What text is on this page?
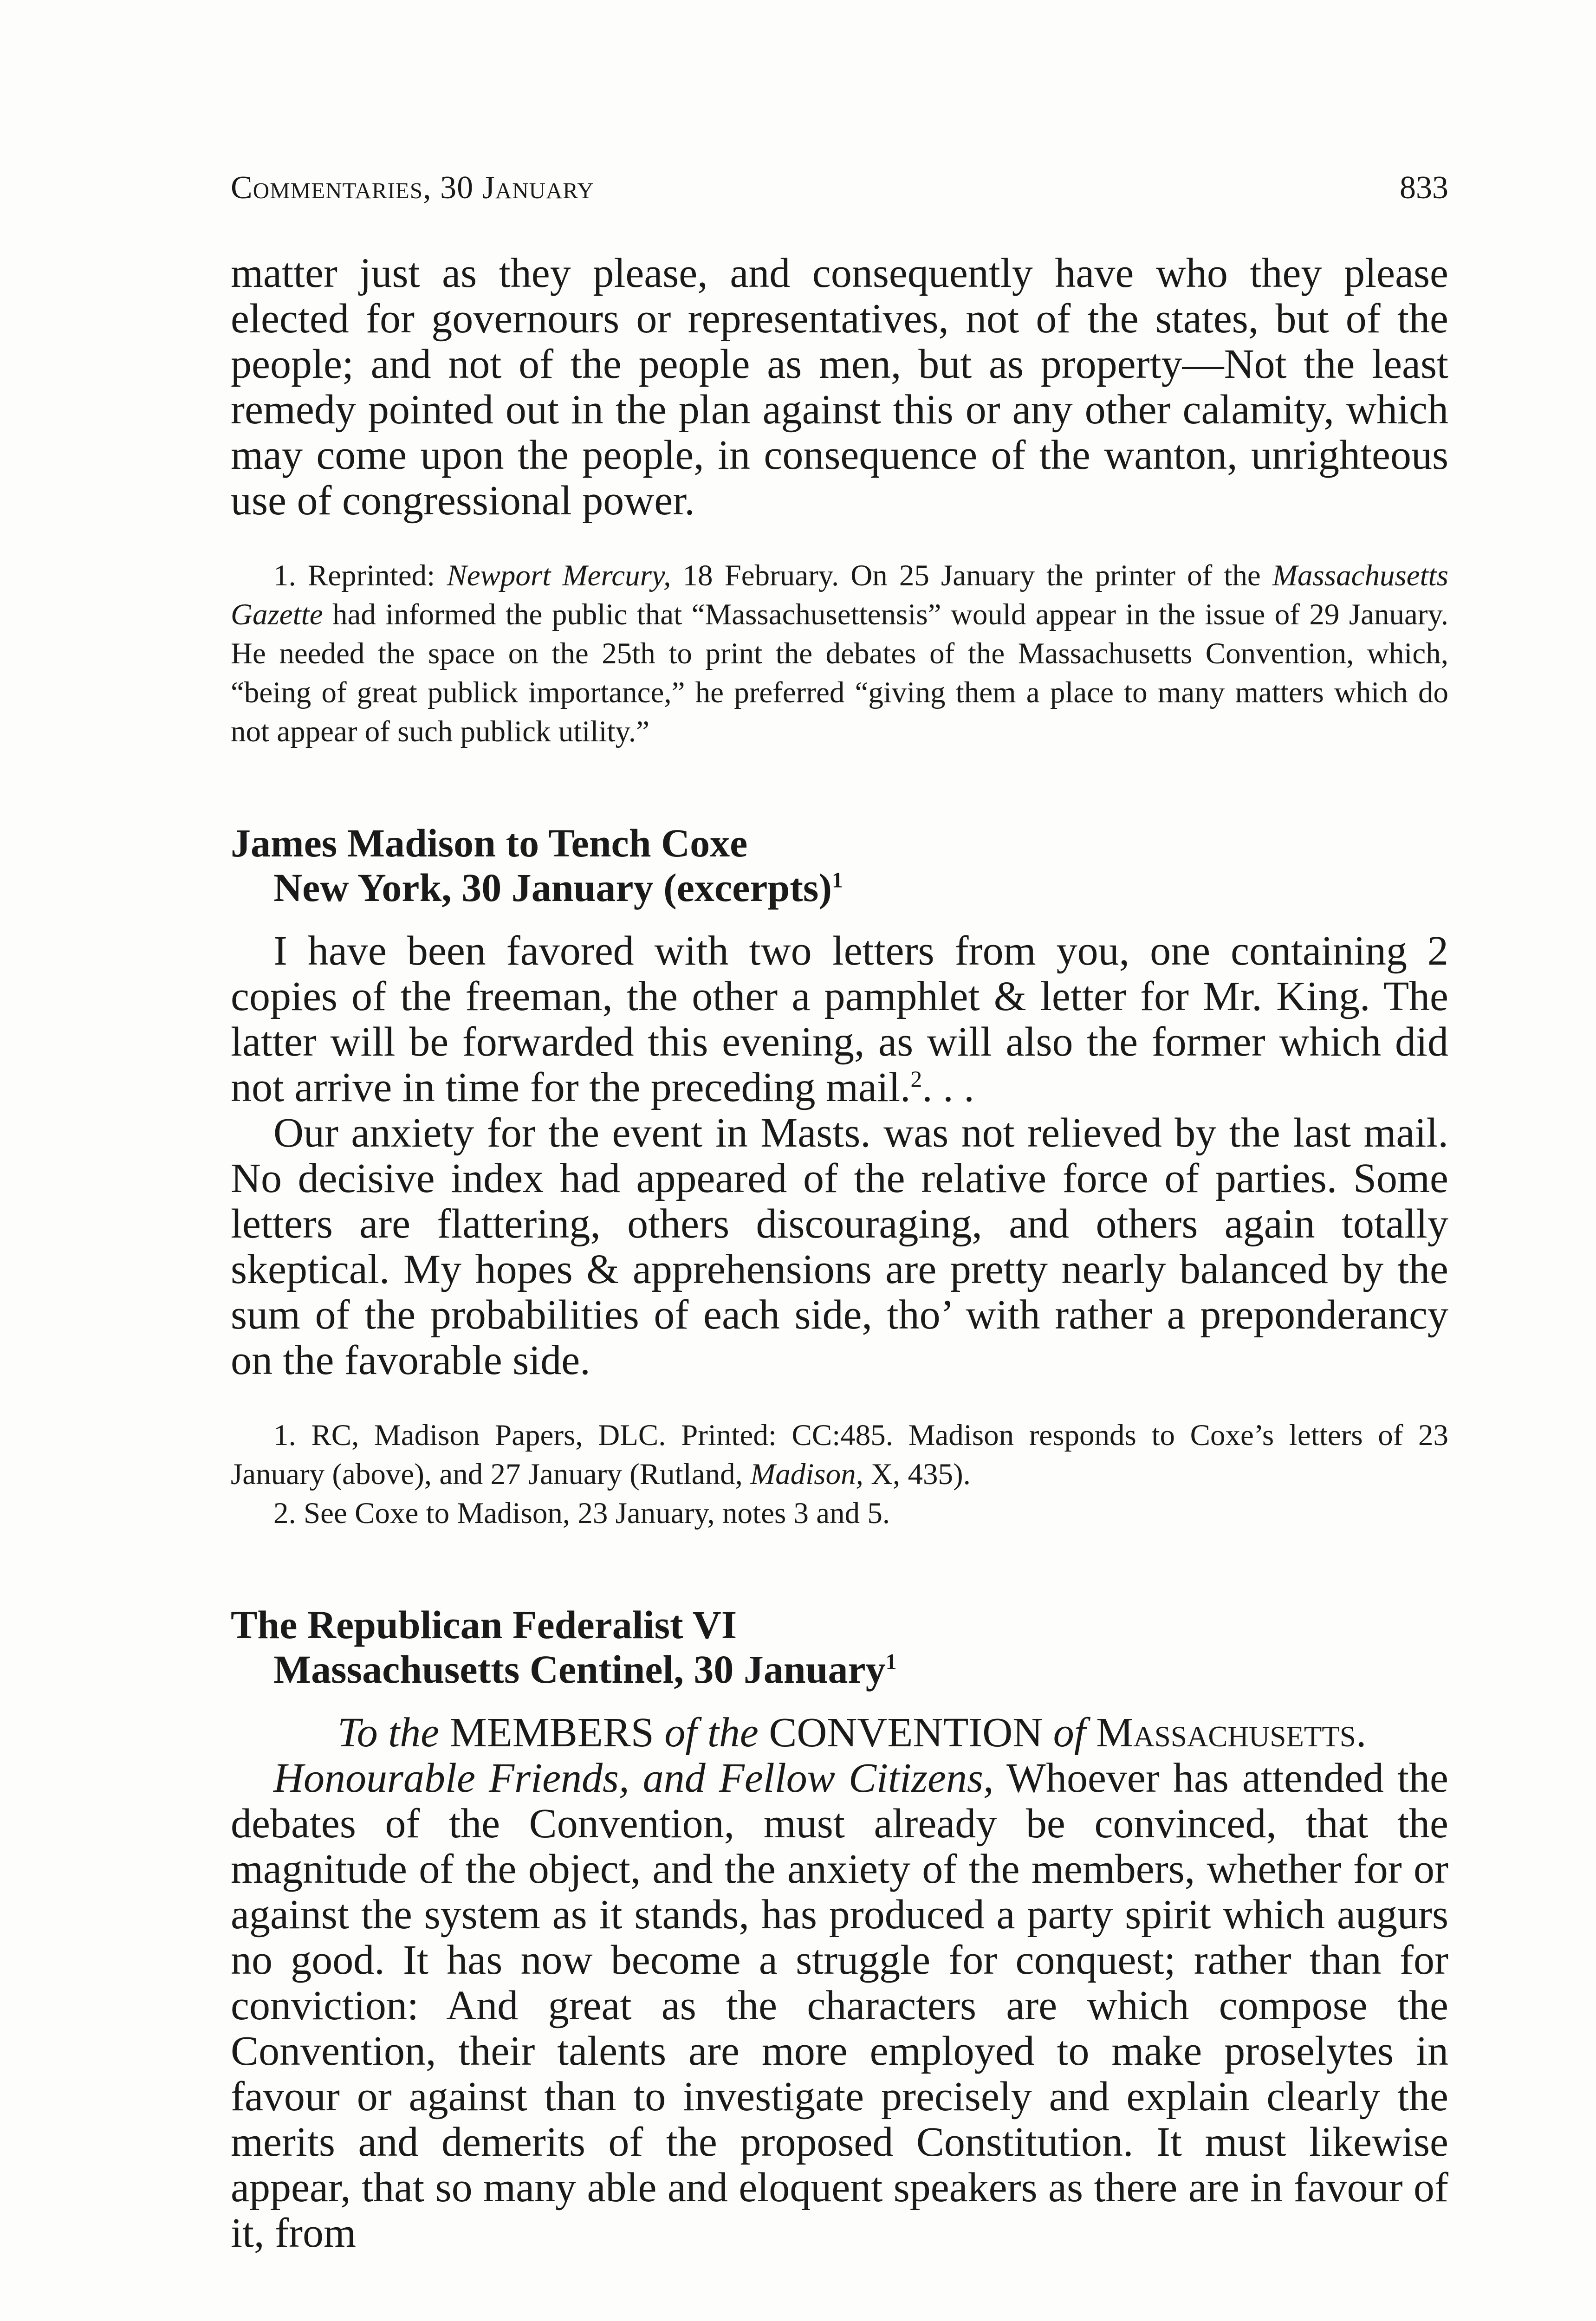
Commentaries, 30 January	833

matter just as they please, and consequently have who they please elected for governours or representatives, not of the states, but of the people; and not of the people as men, but as property—Not the least remedy pointed out in the plan against this or any other calamity, which may come upon the people, in consequence of the wanton, unrighteous use of congressional power.

1. Reprinted: Newport Mercury, 18 February. On 25 January the printer of the Massachusetts Gazette had informed the public that “Massachusettensis” would appear in the issue of 29 January. He needed the space on the 25th to print the debates of the Massachusetts Convention, which, “being of great publick importance,” he preferred “giving them a place to many matters which do not appear of such publick utility.”

James Madison to Tench Coxe

New York, 30 January (excerpts)$^1$

I have been favored with two letters from you, one containing 2 copies of the freeman, the other a pamphlet & letter for Mr. King. The latter will be forwarded this evening, as will also the former which did not arrive in time for the preceding mail.$^2$. . .
Our anxiety for the event in Masts. was not relieved by the last mail. No decisive index had appeared of the relative force of parties. Some letters are flattering, others discouraging, and others again totally skeptical. My hopes & apprehensions are pretty nearly balanced by the sum of the probabilities of each side, tho’ with rather a preponderancy on the favorable side.

1. RC, Madison Papers, DLC. Printed: CC:485. Madison responds to Coxe’s letters of 23 January (above), and 27 January (Rutland, Madison, X, 435).

2. See Coxe to Madison, 23 January, notes 3 and 5.

The Republican Federalist VI

Massachusetts Centinel, 30 January$^1$

To the MEMBERS of the CONVENTION of Massachusetts.
Honourable Friends, and Fellow Citizens, Whoever has attended the debates of the Convention, must already be convinced, that the magnitude of the object, and the anxiety of the members, whether for or against the system as it stands, has produced a party spirit which augurs no good. It has now become a struggle for conquest; rather than for conviction: And great as the characters are which compose the Convention, their talents are more employed to make proselytes in favour or against than to investigate precisely and explain clearly the merits and demerits of the proposed Constitution. It must likewise appear, that so many able and eloquent speakers as there are in favour of it, from
